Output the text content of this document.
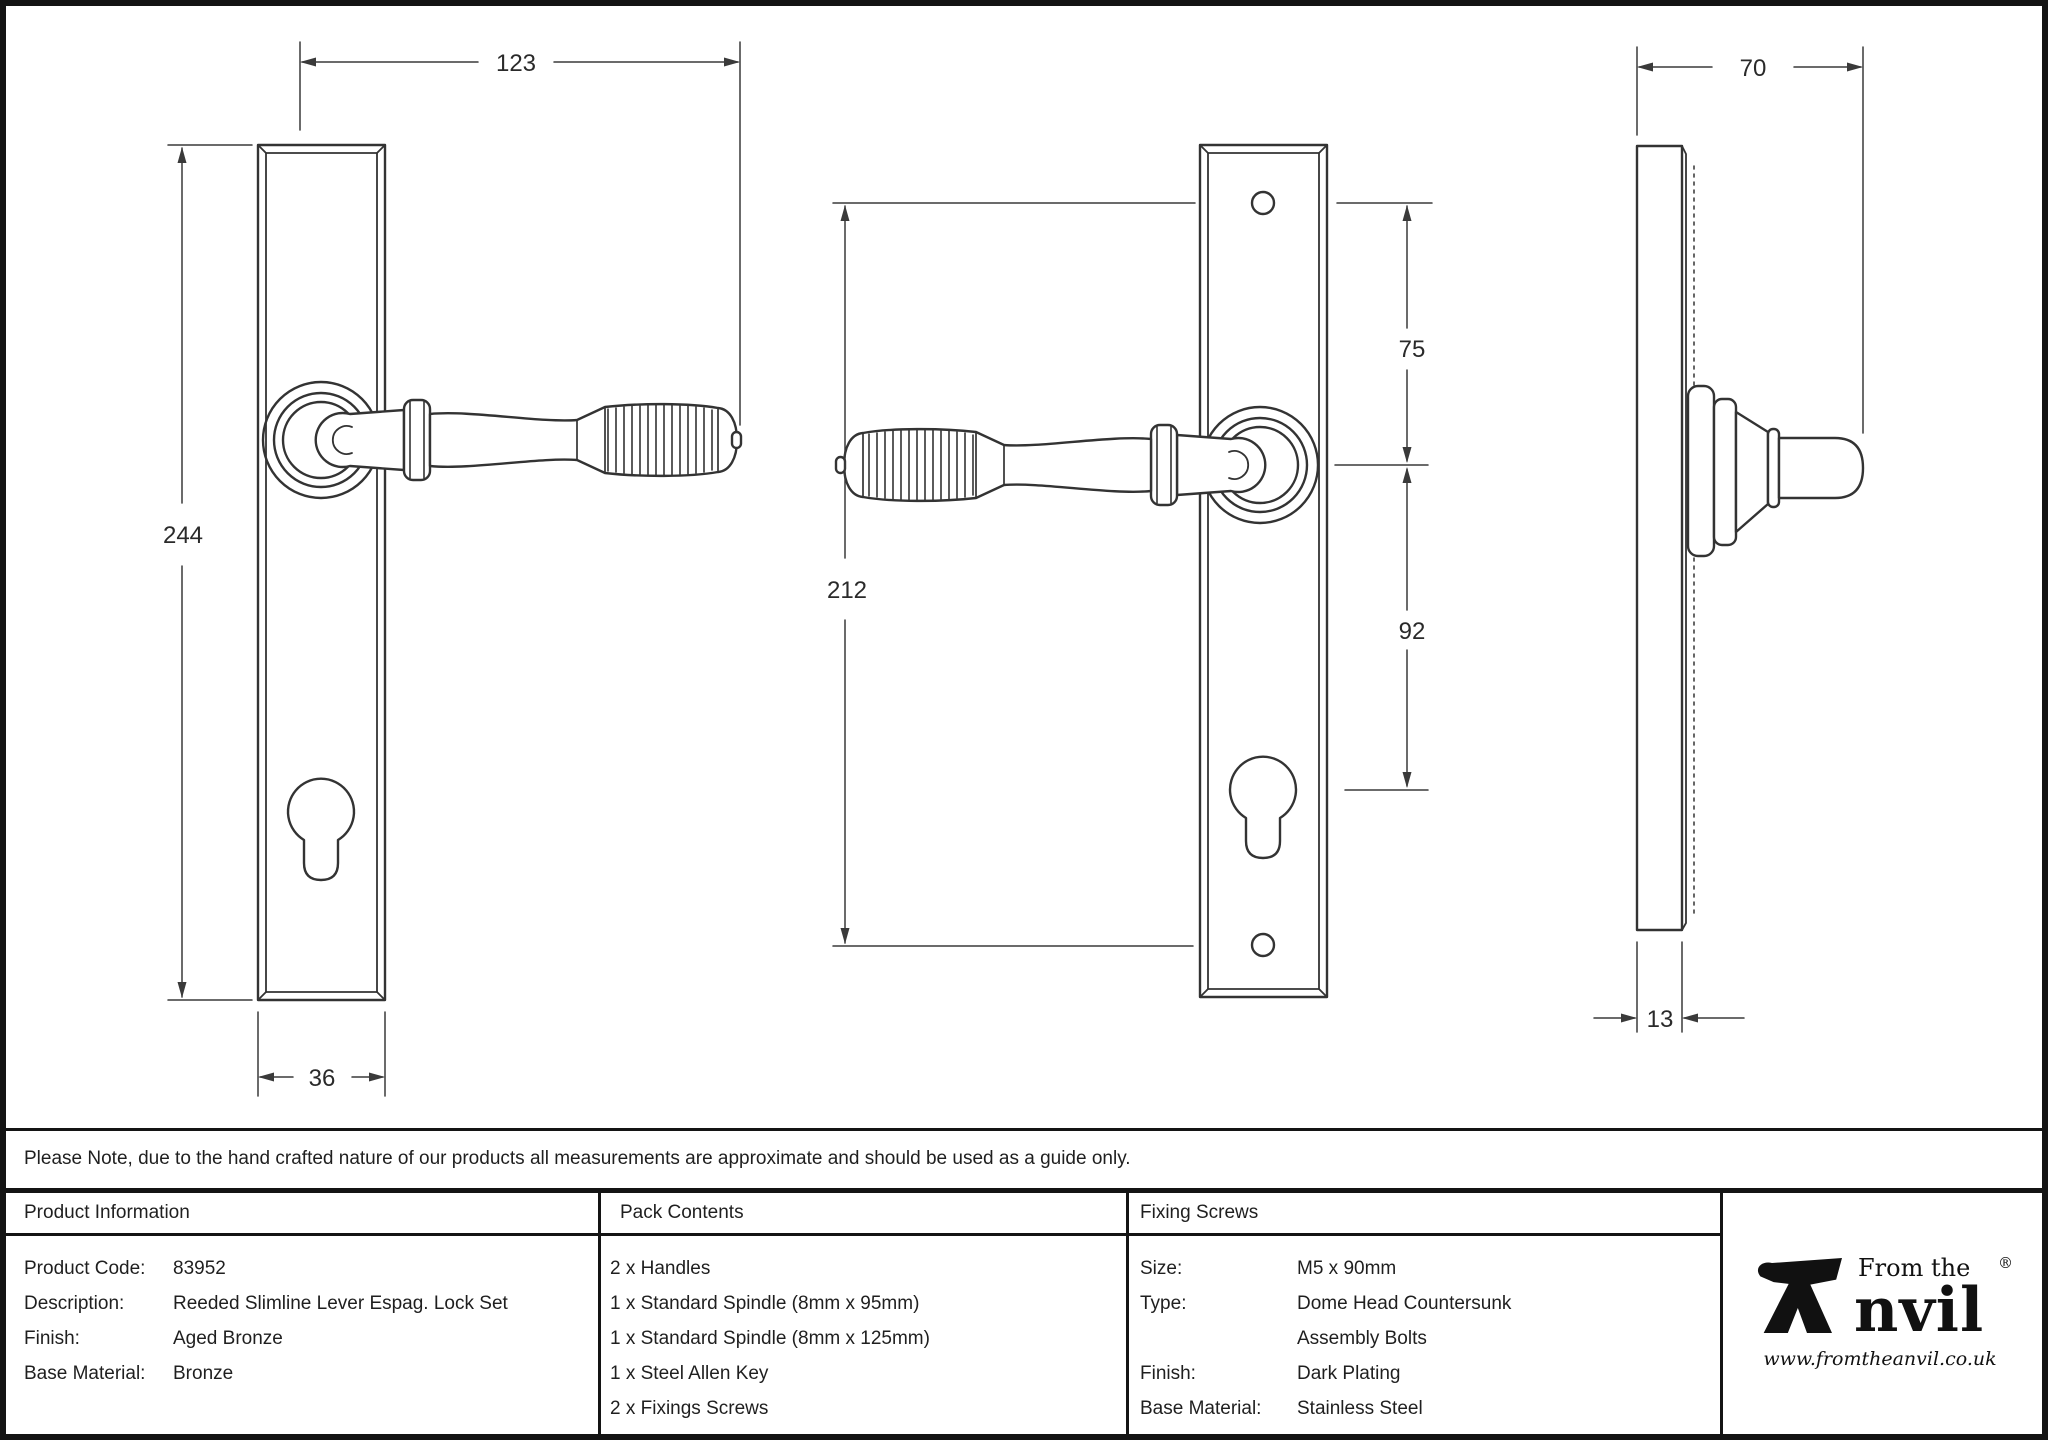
123
244
36
212
75
92
70
13
Please Note, due to the hand crafted nature of our products all measurements are approximate and should be used as a guide only.
Product Information	Pack Contents	Fixing Screws
Product Code: 83952
Description:	Reeded Slimline Lever Espag. Lock Set
Finish:	Aged Bronze
Base Material: Bronze
2 x Handles
1 x Standard Spindle (8mm x 95mm)
1 x Standard Spindle (8mm x 125mm)
1 x Steel Allen Key
2 x Fixings Screws
Size:	M5 x 90mm
Type:	Dome Head Countersunk
Assembly Bolts
Finish:	Dark Plating
Base Material: Stainless Steel
From the
nvil
®
www.fromtheanvil.co.uk
